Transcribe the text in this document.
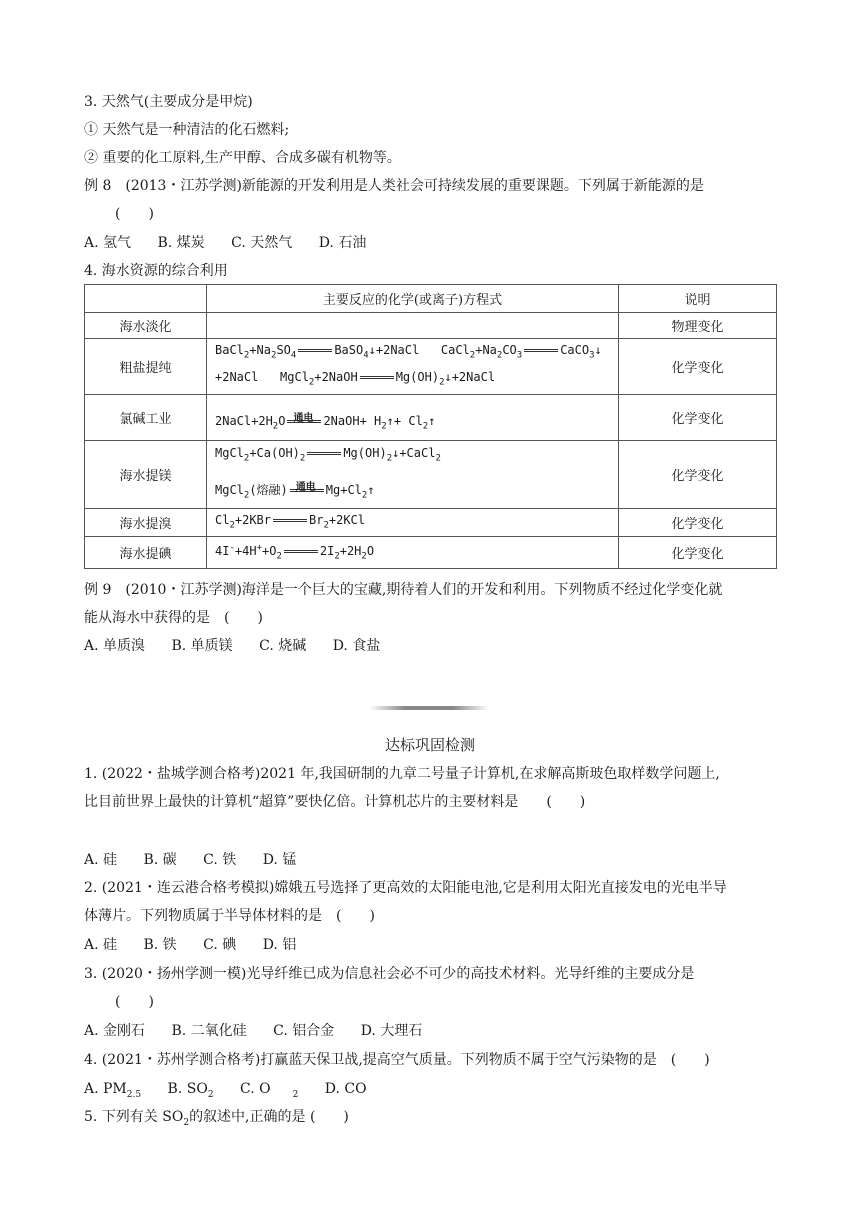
3. 天然气(主要成分是甲烷)
① 天然气是一种清洁的化石燃料;
② 重要的化工原料,生产甲醇、合成多碳有机物等。
例 8　(2013・江苏学测)新能源的开发利用是人类社会可持续发展的重要课题。下列属于新能源的是
(　　)
A. 氢气 B. 煤炭 C. 天然气 D. 石油
4. 海水资源的综合利用
	主要反应的化学(或离子)方程式	说明
海水淡化		物理变化
粗盐提纯	$BaCl_2+Na_2SO_4$ BaSO$_4$↓+2NaCl   $CaCl_2+Na_2CO_3$ CaCO$_3$↓
+2NaCl   MgCl$_2$+2NaOH $Mg(OH)_2↓+2NaCl$	化学变化
氯碱工业	$2NaCl+2H_2O$ 通电 2NaOH+ $H_2↑+$ $Cl_2↑$	化学变化
海水提镁	$MgCl_2+Ca(OH)_2$ $Mg(OH)_2↓+CaCl_2$
MgCl$_2$(熔融) 通电 $Mg+Cl_2↑$	化学变化
海水提溴	$Cl_2+2KBr$ $Br_2+2KCl$	化学变化
海水提碘	$4I^-+4H^++O_2$ $2I_2+2H_2O$	化学变化
例 9　(2010・江苏学测)海洋是一个巨大的宝藏,期待着人们的开发和利用。下列物质不经过化学变化就
能从海水中获得的是　(　　)
A. 单质溴 B. 单质镁 C. 烧碱 D. 食盐
达标巩固检测
1. (2022・盐城学测合格考)2021 年,我国研制的九章二号量子计算机,在求解高斯玻色取样数学问题上,
比目前世界上最快的计算机“超算”要快亿倍。计算机芯片的主要材料是　　(　　)
A. 硅 B. 碳 C. 铁 D. 锰
2. (2021・连云港合格考模拟)嫦娥五号选择了更高效的太阳能电池,它是利用太阳光直接发电的光电半导
体薄片。下列物质属于半导体材料的是　(　　)
A. 硅 B. 铁 C. 碘 D. 铝
3. (2020・扬州学测一模)光导纤维已成为信息社会必不可少的高技术材料。光导纤维的主要成分是
(　　)
A. 金刚石 B. 二氧化硅 C. 铝合金 D. 大理石
4. (2021・苏州学测合格考)打赢蓝天保卫战,提高空气质量。下列物质不属于空气污染物的是　(　　)
A. $PM_{2.5}$ B. $SO_2$ C. O $_2$ D. CO
5. 下列有关 $SO_2$的叙述中,正确的是 (　　)
